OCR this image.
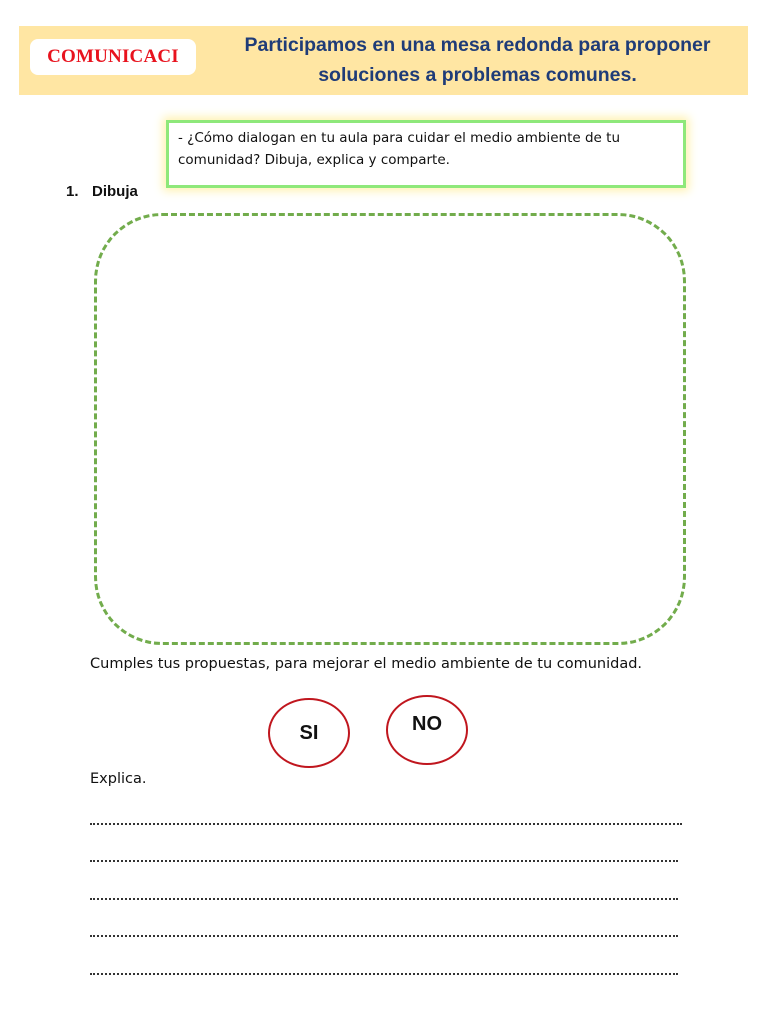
COMUNICACI
Participamos en una mesa redonda para proponer
soluciones a problemas comunes.
- ¿Cómo dialogan en tu aula para cuidar el medio ambiente de tu
comunidad? Dibuja, explica y comparte.
1. Dibuja
Cumples tus propuestas, para mejorar el medio ambiente de tu comunidad.
SI	NO
Explica.
